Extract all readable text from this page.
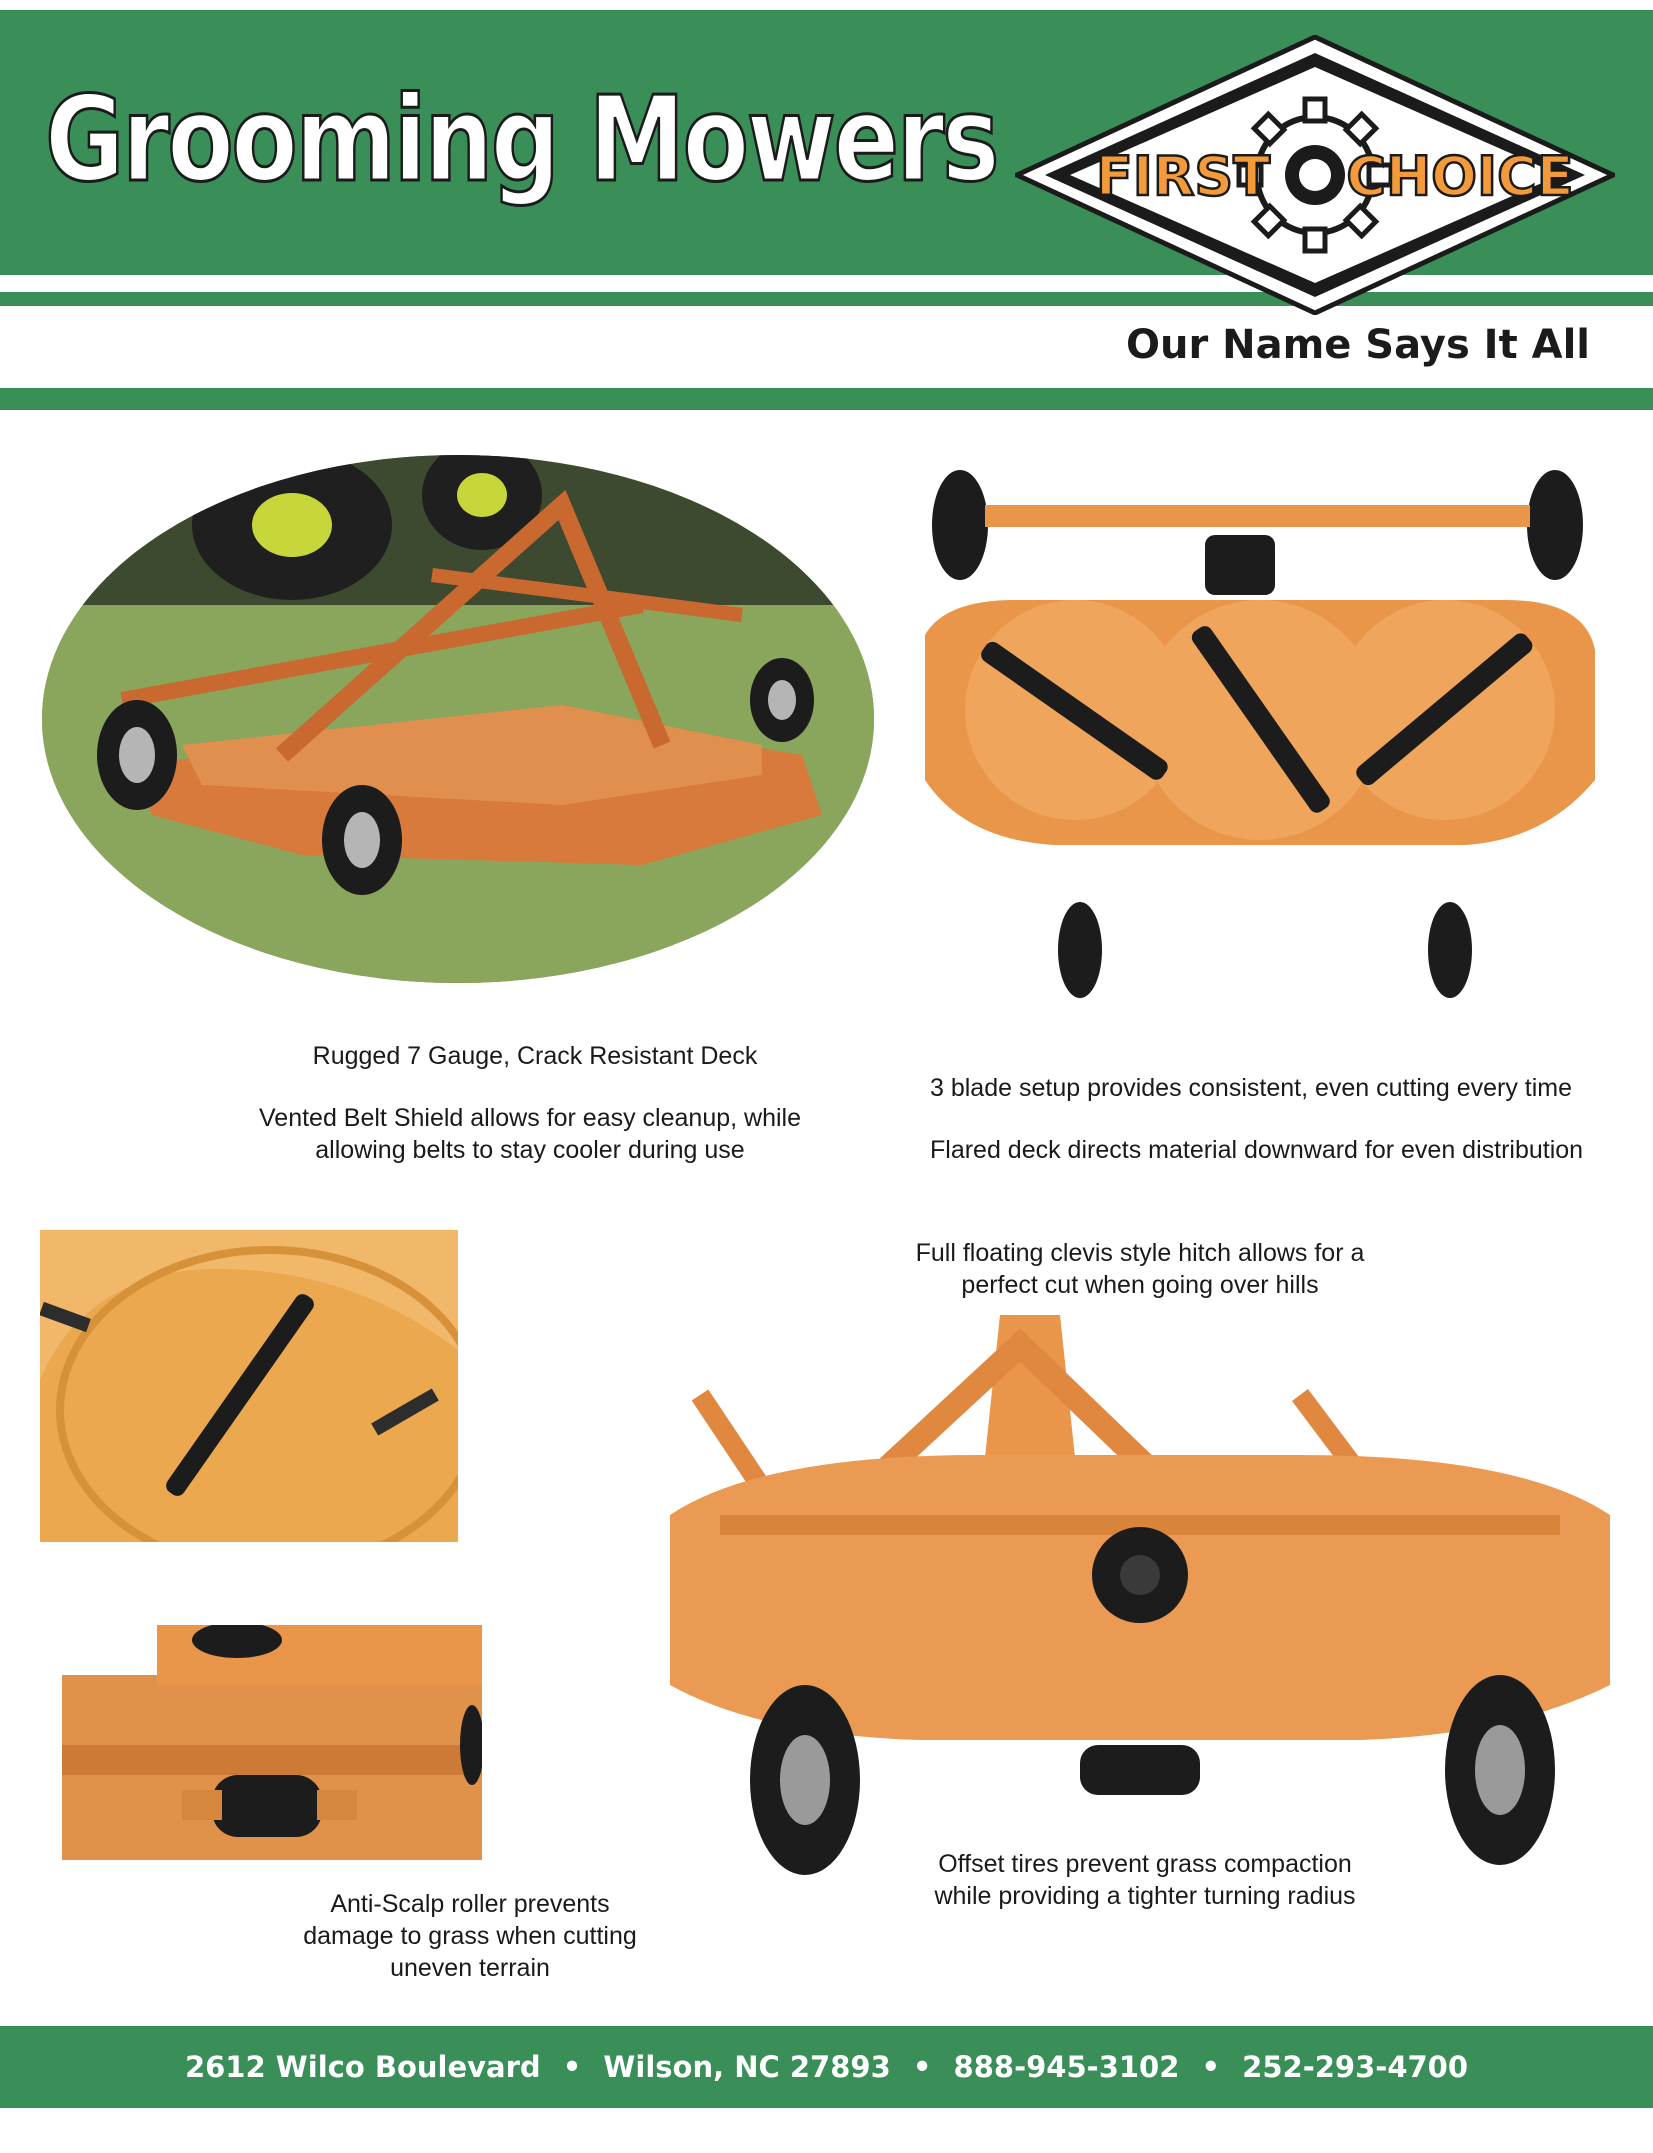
Grooming Mowers FIRST CHOICE
Our Name Says It All
Rugged 7 Gauge, Crack Resistant Deck
Vented Belt Shield allows for easy cleanup, while
allowing belts to stay cooler during use
3 blade setup provides consistent, even cutting every time
Flared deck directs material downward for even distribution
Full floating clevis style hitch allows for a
perfect cut when going over hills
Offset tires prevent grass compaction
while providing a tighter turning radius
Anti-Scalp roller prevents
damage to grass when cutting
uneven terrain
2612 Wilco Boulevard • Wilson, NC 27893 • 888-945-3102 • 252-293-4700
